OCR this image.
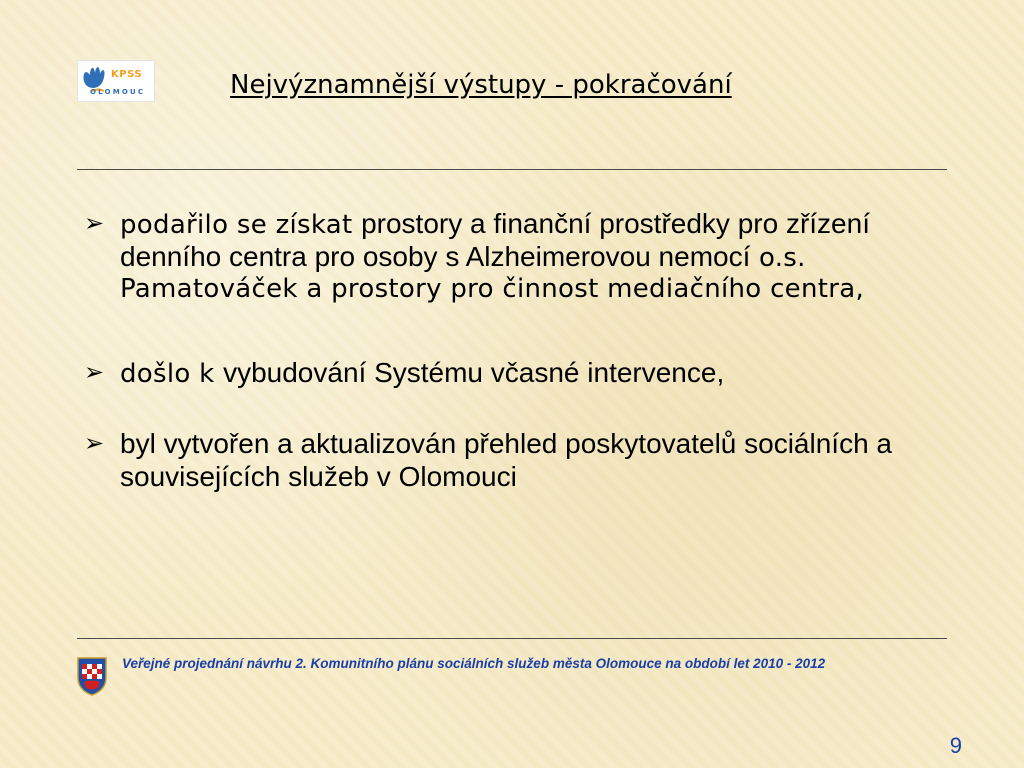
KPSS
OLOMOUC	Nejvýznamnější výstupy - pokračování
➢ podařilo se získat prostory a finanční prostředky pro zřízení denního centra pro osoby s Alzheimerovou nemocí o.s. Pamatováček a prostory pro činnost mediačního centra,
➢ došlo k vybudování Systému včasné intervence,
➢ byl vytvořen a aktualizován přehled poskytovatelů sociálních a souvisejících služeb v Olomouci
Veřejné projednání návrhu 2. Komunitního plánu sociálních služeb města Olomouce na období let 2010 - 2012
9
